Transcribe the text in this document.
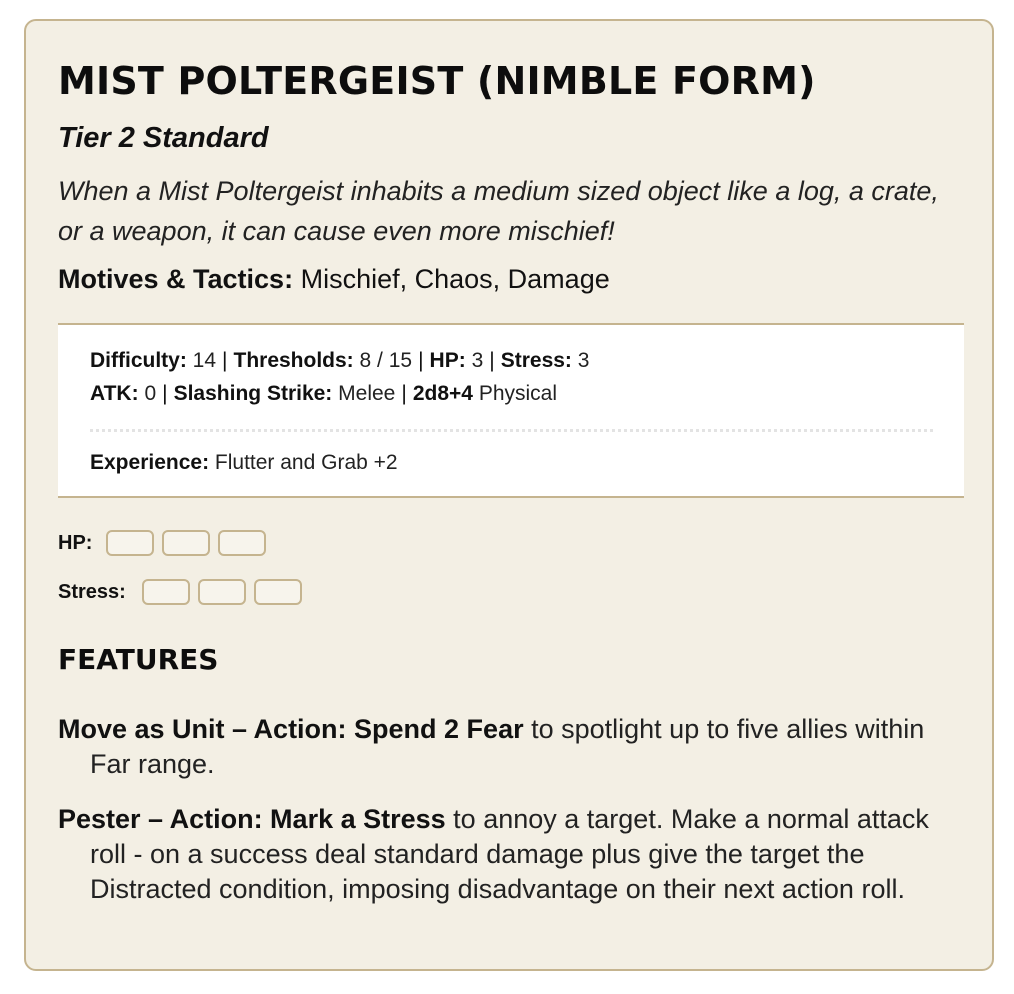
MIST POLTERGEIST (NIMBLE FORM)
Tier 2 Standard
When a Mist Poltergeist inhabits a medium sized object like a log, a crate, or a weapon, it can cause even more mischief!
Motives & Tactics: Mischief, Chaos, Damage
Difficulty: 14 | Thresholds: 8 / 15 | HP: 3 | Stress: 3
ATK: 0 | Slashing Strike: Melee | 2d8+4 Physical
Experience: Flutter and Grab +2
HP:
Stress:
FEATURES
Move as Unit – Action: Spend 2 Fear to spotlight up to five allies within Far range.
Pester – Action: Mark a Stress to annoy a target. Make a normal attack roll - on a success deal standard damage plus give the target the Distracted condition, imposing disadvantage on their next action roll.
